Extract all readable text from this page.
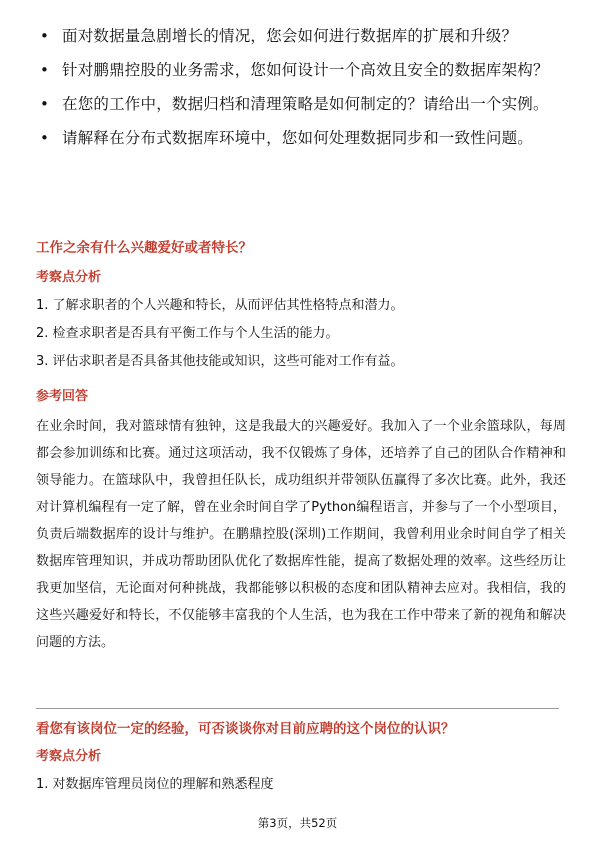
• 面对数据量急剧增长的情况，您会如何进行数据库的扩展和升级？
• 针对鹏鼎控股的业务需求，您如何设计一个高效且安全的数据库架构？
• 在您的工作中，数据归档和清理策略是如何制定的？请给出一个实例。
• 请解释在分布式数据库环境中，您如何处理数据同步和一致性问题。
工作之余有什么兴趣爱好或者特长？
考察点分析
1. 了解求职者的个人兴趣和特长，从而评估其性格特点和潜力。
2. 检查求职者是否具有平衡工作与个人生活的能力。
3. 评估求职者是否具备其他技能或知识，这些可能对工作有益。
参考回答
在业余时间，我对篮球情有独钟，这是我最大的兴趣爱好。我加入了一个业余篮球队，每周都会参加训练和比赛。通过这项活动，我不仅锻炼了身体，还培养了自己的团队合作精神和领导能力。在篮球队中，我曾担任队长，成功组织并带领队伍赢得了多次比赛。此外，我还对计算机编程有一定了解，曾在业余时间自学了Python编程语言，并参与了一个小型项目，负责后端数据库的设计与维护。在鹏鼎控股(深圳)工作期间，我曾利用业余时间自学了相关数据库管理知识，并成功帮助团队优化了数据库性能，提高了数据处理的效率。这些经历让我更加坚信，无论面对何种挑战，我都能够以积极的态度和团队精神去应对。我相信，我的这些兴趣爱好和特长，不仅能够丰富我的个人生活，也为我在工作中带来了新的视角和解决问题的方法。
看您有该岗位一定的经验，可否谈谈你对目前应聘的这个岗位的认识？
考察点分析
1. 对数据库管理员岗位的理解和熟悉程度
第3页，共52页
